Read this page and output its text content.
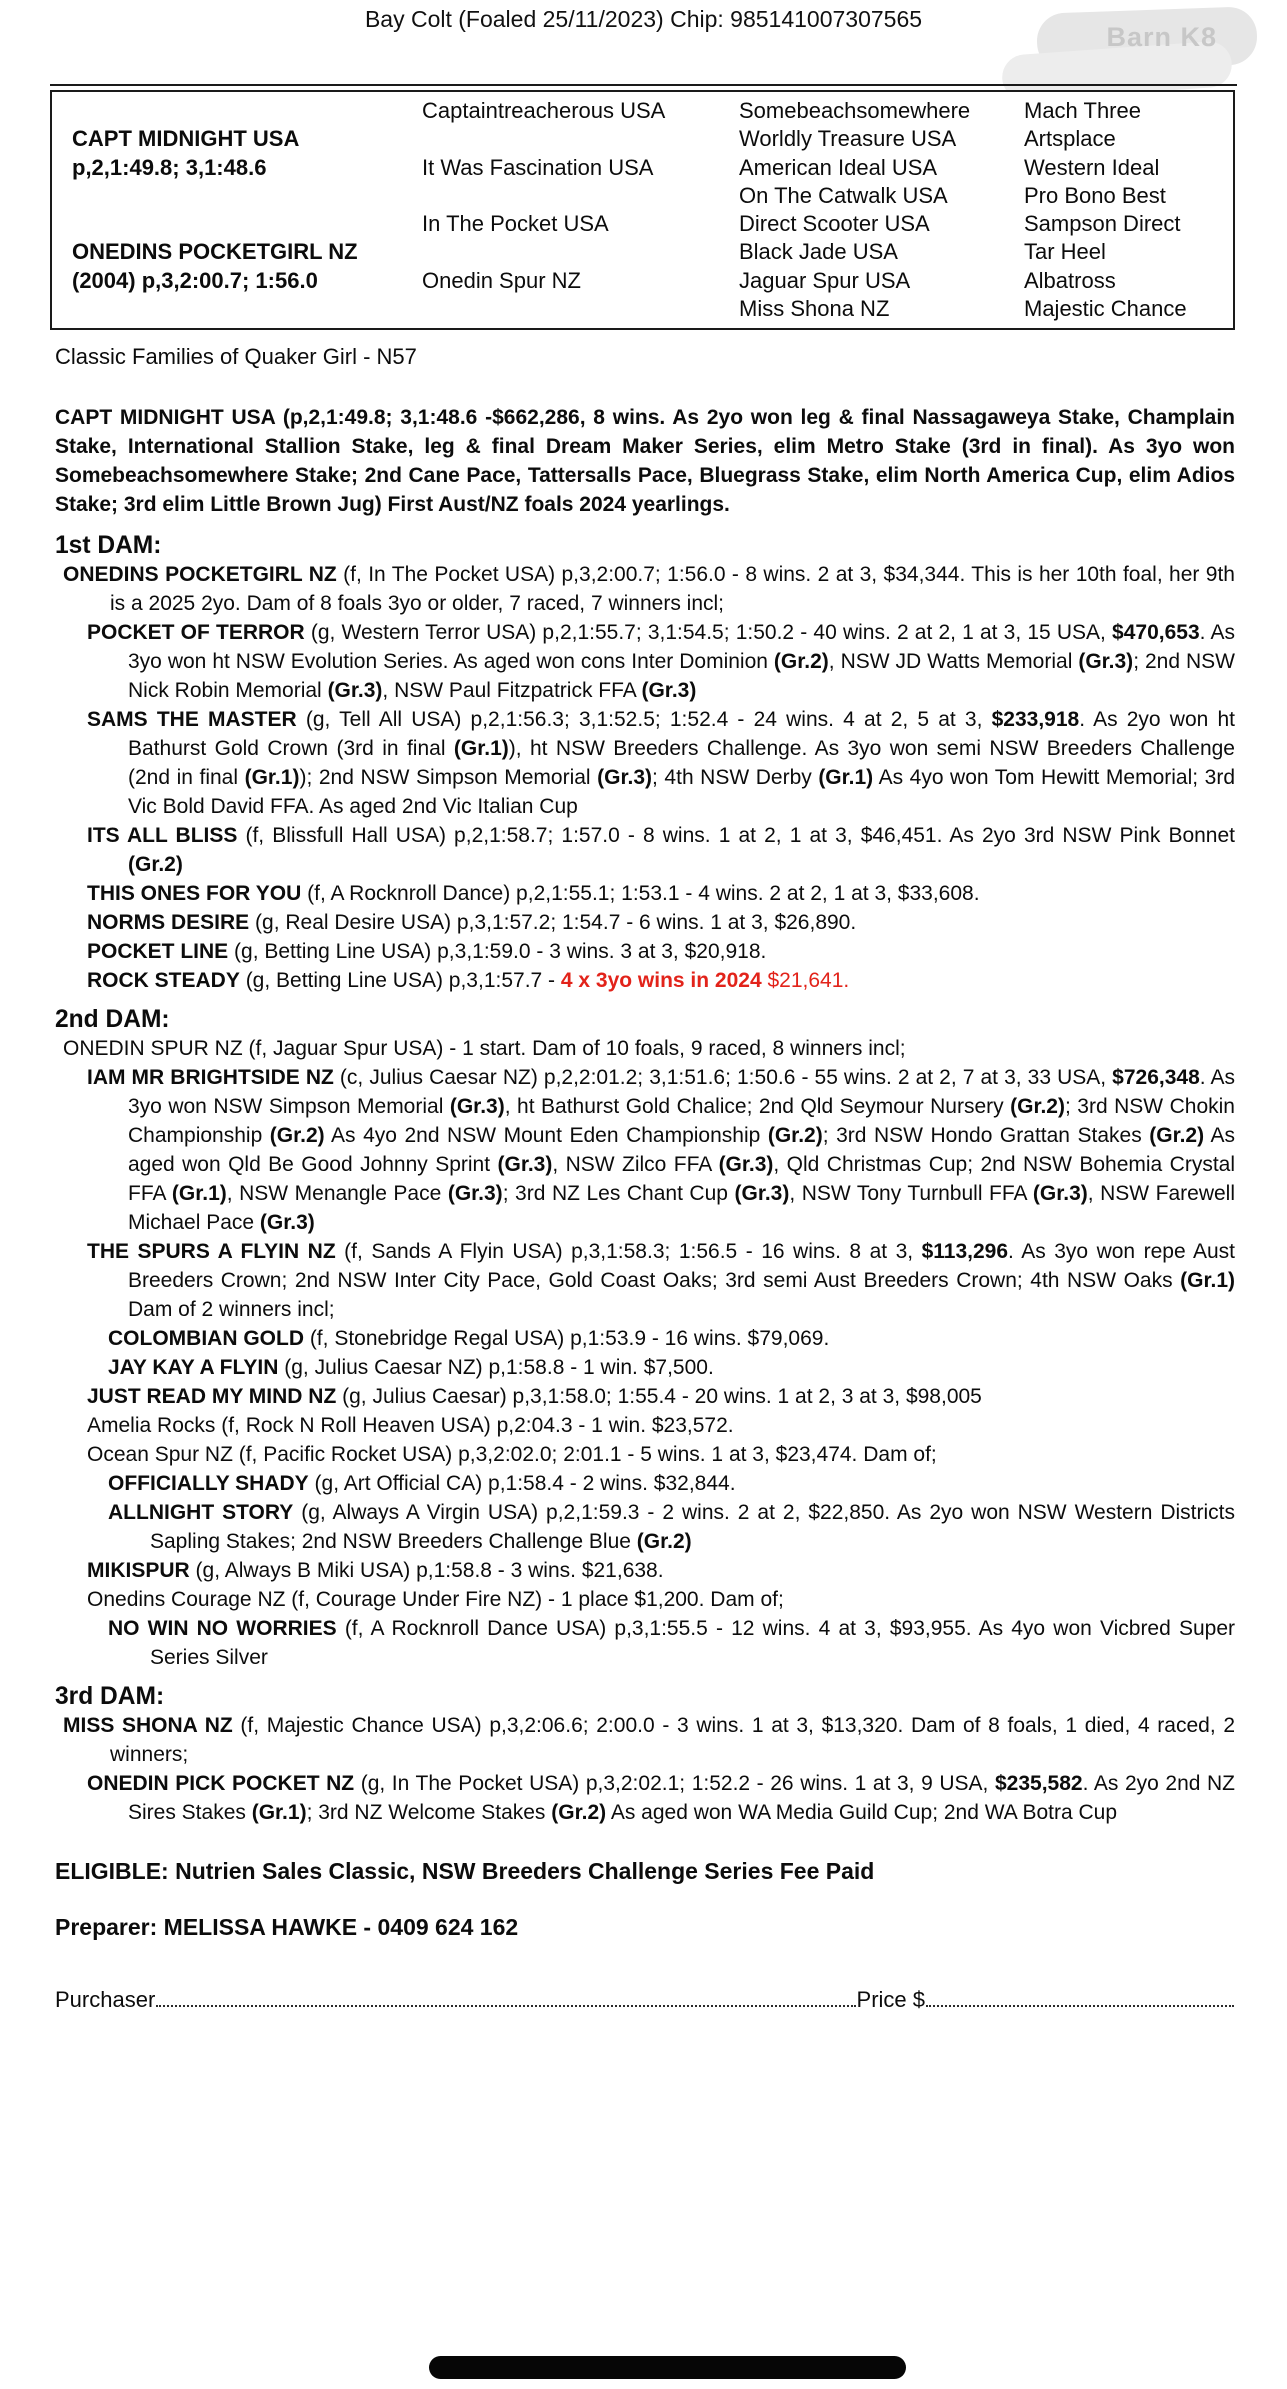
Bay Colt (Foaled 25/11/2023) Chip: 985141007307565
Barn K8
CAPT MIDNIGHT USA
p,2,1:49.8; 3,1:48.6
ONEDINS POCKETGIRL NZ
(2004) p,3,2:00.7; 1:56.0
Captaintreacherous USA
It Was Fascination USA
In The Pocket USA
Onedin Spur NZ
Somebeachsomewhere
Worldly Treasure USA
American Ideal USA
On The Catwalk USA
Direct Scooter USA
Black Jade USA
Jaguar Spur USA
Miss Shona NZ
Mach Three
Artsplace
Western Ideal
Pro Bono Best
Sampson Direct
Tar Heel
Albatross
Majestic Chance

Classic Families of Quaker Girl - N57

CAPT MIDNIGHT USA (p,2,1:49.8; 3,1:48.6 -$662,286, 8 wins. As 2yo won leg & final Nassagaweya Stake, Champlain Stake, International Stallion Stake, leg & final Dream Maker Series, elim Metro Stake (3rd in final). As 3yo won Somebeachsomewhere Stake; 2nd Cane Pace, Tattersalls Pace, Bluegrass Stake, elim North America Cup, elim Adios Stake; 3rd elim Little Brown Jug) First Aust/NZ foals 2024 yearlings.

1st DAM:

ONEDINS POCKETGIRL NZ (f, In The Pocket USA) p,3,2:00.7; 1:56.0 - 8 wins. 2 at 3, $34,344. This is her 10th foal, her 9th is a 2025 2yo. Dam of 8 foals 3yo or older, 7 raced, 7 winners incl;

POCKET OF TERROR (g, Western Terror USA) p,2,1:55.7; 3,1:54.5; 1:50.2 - 40 wins. 2 at 2, 1 at 3, 15 USA, $470,653. As 3yo won ht NSW Evolution Series. As aged won cons Inter Dominion (Gr.2), NSW JD Watts Memorial (Gr.3); 2nd NSW Nick Robin Memorial (Gr.3), NSW Paul Fitzpatrick FFA (Gr.3)

SAMS THE MASTER (g, Tell All USA) p,2,1:56.3; 3,1:52.5; 1:52.4 - 24 wins. 4 at 2, 5 at 3, $233,918. As 2yo won ht Bathurst Gold Crown (3rd in final (Gr.1)), ht NSW Breeders Challenge. As 3yo won semi NSW Breeders Challenge (2nd in final (Gr.1)); 2nd NSW Simpson Memorial (Gr.3); 4th NSW Derby (Gr.1) As 4yo won Tom Hewitt Memorial; 3rd Vic Bold David FFA. As aged 2nd Vic Italian Cup

ITS ALL BLISS (f, Blissfull Hall USA) p,2,1:58.7; 1:57.0 - 8 wins. 1 at 2, 1 at 3, $46,451. As 2yo 3rd NSW Pink Bonnet (Gr.2)

THIS ONES FOR YOU (f, A Rocknroll Dance) p,2,1:55.1; 1:53.1 - 4 wins. 2 at 2, 1 at 3, $33,608.

NORMS DESIRE (g, Real Desire USA) p,3,1:57.2; 1:54.7 - 6 wins. 1 at 3, $26,890.

POCKET LINE (g, Betting Line USA) p,3,1:59.0 - 3 wins. 3 at 3, $20,918.

ROCK STEADY (g, Betting Line USA) p,3,1:57.7 - 4 x 3yo wins in 2024 $21,641.

2nd DAM:

ONEDIN SPUR NZ (f, Jaguar Spur USA) - 1 start. Dam of 10 foals, 9 raced, 8 winners incl;

IAM MR BRIGHTSIDE NZ (c, Julius Caesar NZ) p,2,2:01.2; 3,1:51.6; 1:50.6 - 55 wins. 2 at 2, 7 at 3, 33 USA, $726,348. As 3yo won NSW Simpson Memorial (Gr.3), ht Bathurst Gold Chalice; 2nd Qld Seymour Nursery (Gr.2); 3rd NSW Chokin Championship (Gr.2) As 4yo 2nd NSW Mount Eden Championship (Gr.2); 3rd NSW Hondo Grattan Stakes (Gr.2) As aged won Qld Be Good Johnny Sprint (Gr.3), NSW Zilco FFA (Gr.3), Qld Christmas Cup; 2nd NSW Bohemia Crystal FFA (Gr.1), NSW Menangle Pace (Gr.3); 3rd NZ Les Chant Cup (Gr.3), NSW Tony Turnbull FFA (Gr.3), NSW Farewell Michael Pace (Gr.3)

THE SPURS A FLYIN NZ (f, Sands A Flyin USA) p,3,1:58.3; 1:56.5 - 16 wins. 8 at 3, $113,296. As 3yo won repe Aust Breeders Crown; 2nd NSW Inter City Pace, Gold Coast Oaks; 3rd semi Aust Breeders Crown; 4th NSW Oaks (Gr.1) Dam of 2 winners incl;

COLOMBIAN GOLD (f, Stonebridge Regal USA) p,1:53.9 - 16 wins. $79,069.

JAY KAY A FLYIN (g, Julius Caesar NZ) p,1:58.8 - 1 win. $7,500.

JUST READ MY MIND NZ (g, Julius Caesar) p,3,1:58.0; 1:55.4 - 20 wins. 1 at 2, 3 at 3, $98,005

Amelia Rocks (f, Rock N Roll Heaven USA) p,2:04.3 - 1 win. $23,572.

Ocean Spur NZ (f, Pacific Rocket USA) p,3,2:02.0; 2:01.1 - 5 wins. 1 at 3, $23,474. Dam of;

OFFICIALLY SHADY (g, Art Official CA) p,1:58.4 - 2 wins. $32,844.

ALLNIGHT STORY (g, Always A Virgin USA) p,2,1:59.3 - 2 wins. 2 at 2, $22,850. As 2yo won NSW Western Districts Sapling Stakes; 2nd NSW Breeders Challenge Blue (Gr.2)

MIKISPUR (g, Always B Miki USA) p,1:58.8 - 3 wins. $21,638.

Onedins Courage NZ (f, Courage Under Fire NZ) - 1 place $1,200. Dam of;

NO WIN NO WORRIES (f, A Rocknroll Dance USA) p,3,1:55.5 - 12 wins. 4 at 3, $93,955. As 4yo won Vicbred Super Series Silver

3rd DAM:

MISS SHONA NZ (f, Majestic Chance USA) p,3,2:06.6; 2:00.0 - 3 wins. 1 at 3, $13,320. Dam of 8 foals, 1 died, 4 raced, 2 winners;

ONEDIN PICK POCKET NZ (g, In The Pocket USA) p,3,2:02.1; 1:52.2 - 26 wins. 1 at 3, 9 USA, $235,582. As 2yo 2nd NZ Sires Stakes (Gr.1); 3rd NZ Welcome Stakes (Gr.2) As aged won WA Media Guild Cup; 2nd WA Botra Cup

ELIGIBLE: Nutrien Sales Classic, NSW Breeders Challenge Series Fee Paid

Preparer: MELISSA HAWKE - 0409 624 162

Purchaser	Price $
